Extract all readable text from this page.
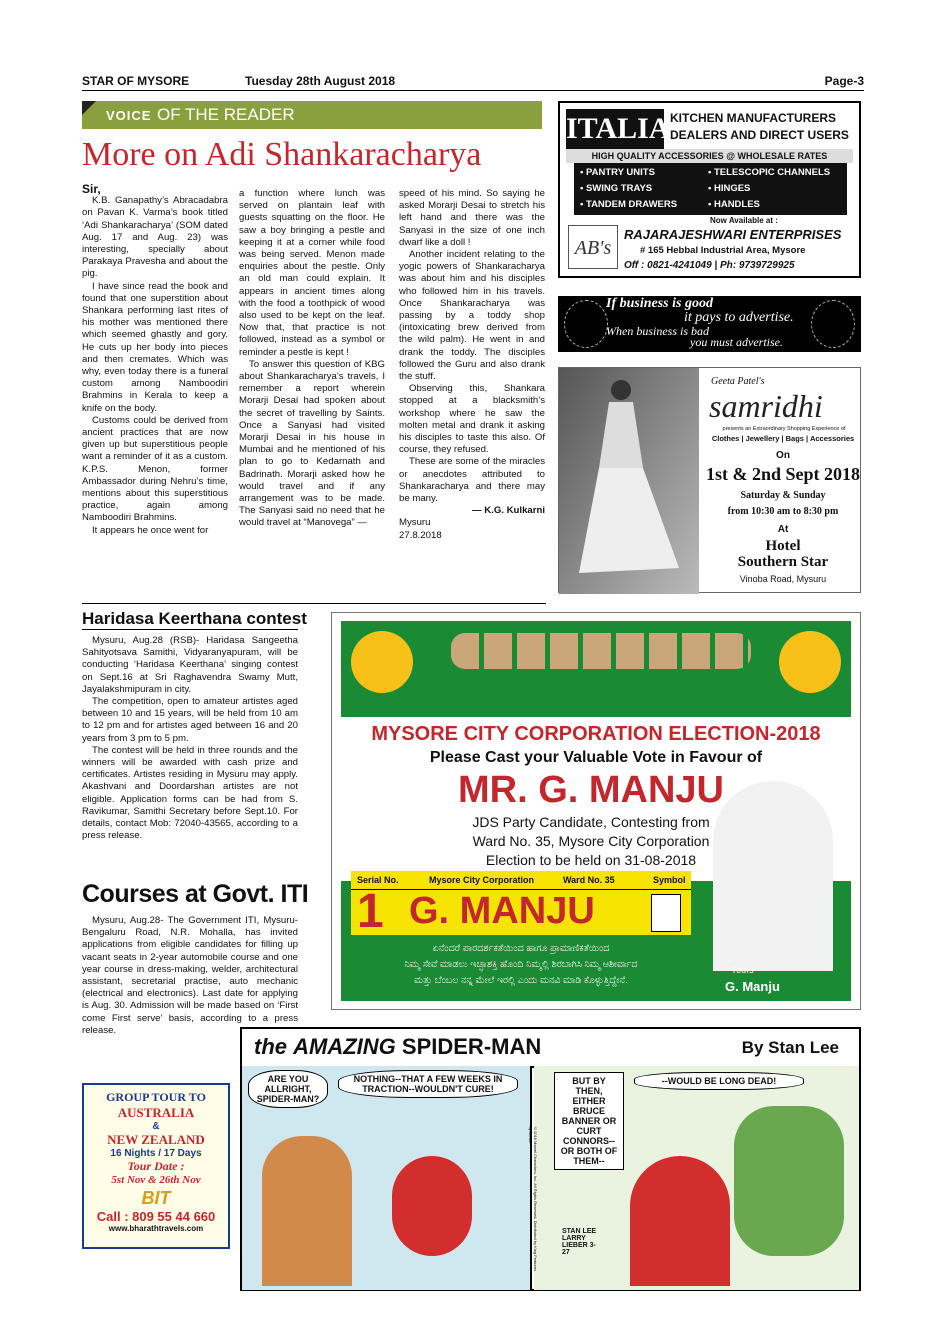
STAR OF MYSORE	Tuesday 28th August 2018	Page-3
VOICE OF THE READER
More on Adi Shankaracharya
Sir,

K.B. Ganapathy’s Abracadabra on Pavan K. Varma’s book titled ‘Adi Shankaracharya’ (SOM dated Aug. 17 and Aug. 23) was interesting, specially about Parakaya Pravesha and about the pig.

I have since read the book and found that one superstition about Shankara performing last rites of his mother was mentioned there which seemed ghastly and gory. He cuts up her body into pieces and then cremates. Which was why, even today there is a funeral custom among Namboodiri Brahmins in Kerala to keep a knife on the body.

Customs could be derived from ancient practices that are now given up but superstitious people want a reminder of it as a custom. K.P.S. Menon, former Ambassador during Nehru’s time, mentions about this superstitious practice, again among Namboodiri Brahmins.

It appears he once went for

a function where lunch was served on plantain leaf with guests squatting on the floor. He saw a boy bringing a pestle and keeping it at a corner while food was being served. Menon made enquiries about the pestle. Only an old man could explain. It appears in ancient times along with the food a toothpick of wood also used to be kept on the leaf. Now that, that practice is not followed, instead as a symbol or reminder a pestle is kept !

To answer this question of KBG about Shankaracharya’s travels, I remember a report wherein Morarji Desai had spoken about the secret of travelling by Saints. Once a Sanyasi had visited Morarji Desai in his house in Mumbai and he mentioned of his plan to go to Kedarnath and Badrinath. Morarji asked how he would travel and if any arrangement was to be made. The Sanyasi said no need that he would travel at “Manovega” —

speed of his mind. So saying he asked Morarji Desai to stretch his left hand and there was the Sanyasi in the size of one inch dwarf like a doll !

Another incident relating to the yogic powers of Shankaracharya was about him and his disciples who followed him in his travels. Once Shankaracharya was passing by a toddy shop (intoxicating brew derived from the wild palm). He went in and drank the toddy. The disciples followed the Guru and also drank the stuff.

Observing this, Shankara stopped at a blacksmith’s workshop where he saw the molten metal and drank it asking his disciples to taste this also. Of course, they refused.

These are some of the miracles or anecdotes attributed to Shankaracharya and there may be many.

— K.G. Kulkarni

Mysuru
27.8.2018
ITALIAN
KITCHEN MANUFACTURERS
DEALERS AND DIRECT USERS
HIGH QUALITY ACCESSORIES @ WHOLESALE RATES
• PANTRY UNITS
• SWING TRAYS
• TANDEM DRAWERS
• TELESCOPIC CHANNELS
• HINGES
• HANDLES
Now Available at :
AB's
RAJARAJESHWARI ENTERPRISES
# 165 Hebbal Industrial Area, Mysore
Off : 0821-4241049 | Ph: 9739729925
If business is good
it pays to advertise.
When business is bad
you must advertise.
Geeta Patel's
samridhi
presents an Extraordinary Shopping Experience of
Clothes | Jewellery | Bags | Accessories
On
1st & 2nd Sept 2018
Saturday & Sunday
from 10:30 am to 8:30 pm
At
Hotel
Southern Star
Vinoba Road, Mysuru
Haridasa Keerthana contest

Mysuru, Aug.28 (RSB)- Haridasa Sangeetha Sahityotsava Samithi, Vidyaranyapuram, will be conducting ‘Haridasa Keerthana’ singing contest on Sept.16 at Sri Raghavendra Swamy Mutt, Jayalakshmipuram in city.

The competition, open to amateur artistes aged between 10 and 15 years, will be held from 10 am to 12 pm and for artistes aged between 16 and 20 years from 3 pm to 5 pm.

The contest will be held in three rounds and the winners will be awarded with cash prize and certificates. Artistes residing in Mysuru may apply. Akashvani and Doordarshan artistes are not eligible. Application forms can be had from S. Ravikumar, Samithi Secretary before Sept.10. For details, contact Mob: 72040-43565, according to a press release.

Courses at Govt. ITI

Mysuru, Aug.28- The Government ITI, Mysuru-Bengaluru Road, N.R. Mohalla, has invited applications from eligible candidates for filling up vacant seats in 2-year automobile course and one year course in dress-making, welder, architectural assistant, secretarial practise, auto mechanic (electrical and electronics). Last date for applying is Aug. 30. Admission will be made based on ‘First come First serve’ basis, according to a press release.

MYSORE CITY CORPORATION ELECTION-2018
Please Cast your Valuable Vote in Favour of
MR. G. MANJU
JDS Party Candidate, Contesting from
Ward No. 35, Mysore City Corporation
Election to be held on 31-08-2018
Serial No.	Mysore City Corporation	Ward No. 35	Symbol
1 G. MANJU
ಏನೆಂದರೆ ಪಾರದರ್ಶಕತೆಯಿಂದ ಹಾಗೂ ಪ್ರಾಮಾಣಿಕತೆಯಿಂದ
ನಿಮ್ಮ ಸೇವೆ ಮಾಡಲು ಇಚ್ಛಾಶಕ್ತಿ ಹೊಂದಿ ನಿಮ್ಮಲ್ಲಿ ಶಿರಬಾಗಿಸಿ ನಿಮ್ಮ ಆಶೀರ್ವಾದ
ಮತ್ತು ಬೆಂಬಲ ನನ್ನ ಮೇಲೆ ಇರಲ್ಲಿ ಎಂದು ಮನವಿ ಮಾಡಿ ಕೊಳ್ಳುತ್ತಿದ್ದೇನೆ.
Yours
G. Manju
the AMAZING SPIDER-MAN	By Stan Lee
ARE YOU ALLRIGHT, SPIDER-MAN?
NOTHING--THAT A FEW WEEKS IN TRACTION--WOULDN'T CURE!
BUT BY THEN, EITHER BRUCE BANNER OR CURT CONNORS--OR BOTH OF THEM--
--WOULD BE LONG DEAD!
STAN LEE LARRY LIEBER 3-27
©2018 Marvel Characters, Inc. All Rights Reserved. Distributed by King Features Syndicate
GROUP TOUR TO
AUSTRALIA
&
NEW ZEALAND
16 Nights / 17 Days
Tour Date :
5st Nov & 26th Nov
BIT
Call : 809 55 44 660
www.bharathtravels.com
